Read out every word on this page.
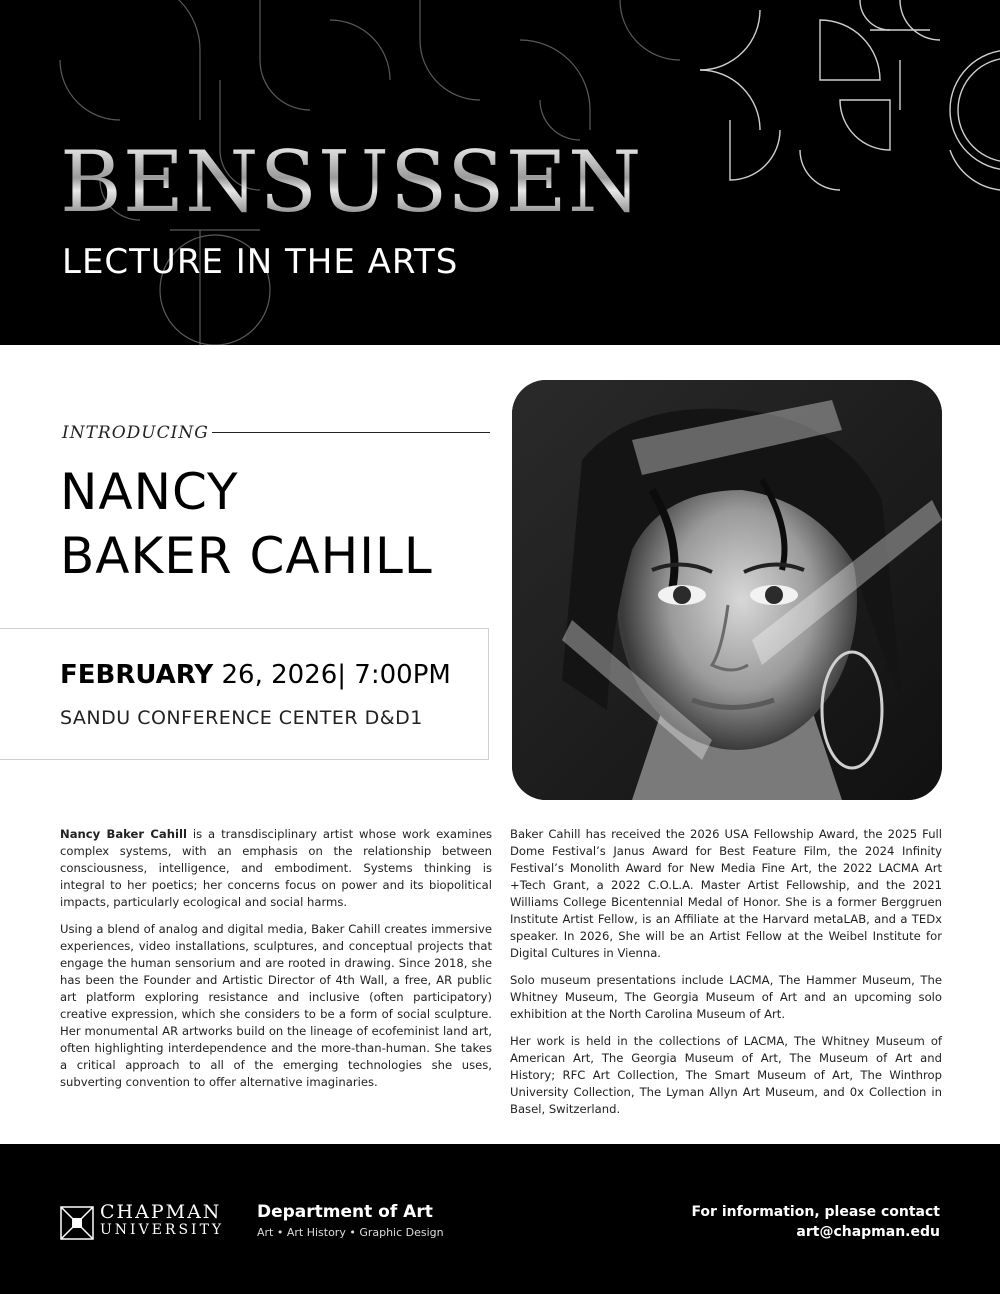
BENSUSSEN
LECTURE IN THE ARTS
INTRODUCING
NANCY
BAKER CAHILL
FEBRUARY 26, 2026| 7:00PM
SANDU CONFERENCE CENTER D&D1

Nancy Baker Cahill is a transdisciplinary artist whose work examines complex systems, with an emphasis on the relationship between consciousness, intelligence, and embodiment. Systems thinking is integral to her poetics; her concerns focus on power and its biopolitical impacts, particularly ecological and social harms.

Using a blend of analog and digital media, Baker Cahill creates immersive experiences, video installations, sculptures, and conceptual projects that engage the human sensorium and are rooted in drawing. Since 2018, she has been the Founder and Artistic Director of 4th Wall, a free, AR public art platform exploring resistance and inclusive (often participatory) creative expression, which she considers to be a form of social sculpture. Her monumental AR artworks build on the lineage of ecofeminist land art, often highlighting interdependence and the more-than-human. She takes a critical approach to all of the emerging technologies she uses, subverting convention to offer alternative imaginaries.

Baker Cahill has received the 2026 USA Fellowship Award, the 2025 Full Dome Festival’s Janus Award for Best Feature Film, the 2024 Infinity Festival’s Monolith Award for New Media Fine Art, the 2022 LACMA Art +Tech Grant, a 2022 C.O.L.A. Master Artist Fellowship, and the 2021 Williams College Bicentennial Medal of Honor. She is a former Berggruen Institute Artist Fellow, is an Affiliate at the Harvard metaLAB, and a TEDx speaker. In 2026, She will be an Artist Fellow at the Weibel Institute for Digital Cultures in Vienna.

Solo museum presentations include LACMA, The Hammer Museum, The Whitney Museum, The Georgia Museum of Art and an upcoming solo exhibition at the North Carolina Museum of Art.

Her work is held in the collections of LACMA, The Whitney Museum of American Art, The Georgia Museum of Art, The Museum of Art and History; RFC Art Collection, The Smart Museum of Art, The Winthrop University Collection, The Lyman Allyn Art Museum, and 0x Collection in Basel, Switzerland.

CHAPMAN
UNIVERSITY
Department of Art
Art • Art History • Graphic Design
For information, please contact
art@chapman.edu
